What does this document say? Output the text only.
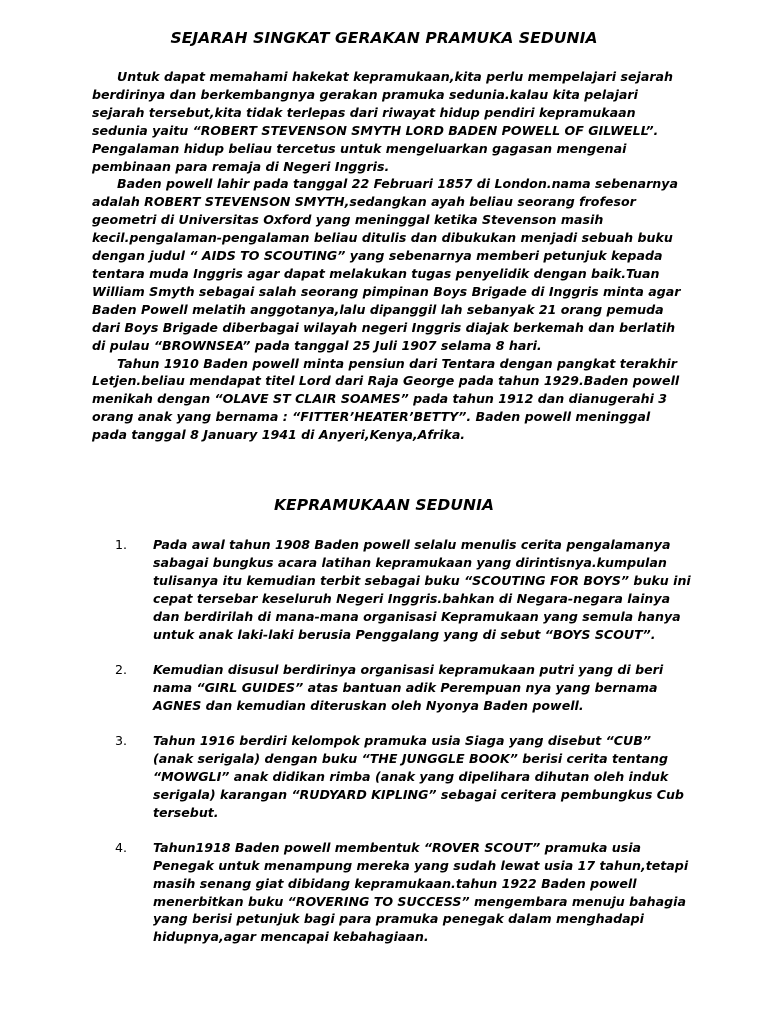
SEJARAH SINGKAT GERAKAN PRAMUKA SEDUNIA

Untuk dapat memahami hakekat kepramukaan,kita perlu mempelajari sejarah berdirinya dan berkembangnya gerakan pramuka sedunia.kalau kita pelajari sejarah tersebut,kita tidak terlepas dari riwayat hidup pendiri kepramukaan sedunia yaitu “ROBERT STEVENSON SMYTH LORD BADEN POWELL OF GILWELL”. Pengalaman hidup beliau tercetus untuk mengeluarkan gagasan mengenai pembinaan para remaja di Negeri Inggris.

Baden powell lahir pada tanggal 22 Februari 1857 di London.nama sebenarnya adalah ROBERT STEVENSON SMYTH,sedangkan ayah beliau seorang frofesor geometri di Universitas Oxford yang meninggal ketika Stevenson masih kecil.pengalaman-pengalaman beliau ditulis dan dibukukan menjadi sebuah buku dengan judul “ AIDS TO SCOUTING” yang sebenarnya memberi petunjuk kepada tentara muda Inggris agar dapat melakukan tugas penyelidik dengan baik.Tuan William Smyth sebagai salah seorang pimpinan Boys Brigade di Inggris minta agar Baden Powell melatih anggotanya,lalu dipanggil lah sebanyak 21 orang pemuda dari Boys Brigade diberbagai wilayah negeri Inggris diajak berkemah dan berlatih di pulau “BROWNSEA” pada tanggal 25 Juli 1907 selama 8 hari.

Tahun 1910 Baden powell minta pensiun dari Tentara dengan pangkat terakhir Letjen.beliau mendapat titel Lord dari Raja George pada tahun 1929.Baden powell menikah dengan “OLAVE ST CLAIR SOAMES” pada tahun 1912 dan dianugerahi 3 orang anak yang bernama : “FITTER’HEATER’BETTY”. Baden powell meninggal pada tanggal 8 January 1941 di Anyeri,Kenya,Afrika.

KEPRAMUKAAN SEDUNIA
1. Pada awal tahun 1908 Baden powell selalu menulis cerita pengalamanya sabagai bungkus acara latihan kepramukaan yang dirintisnya.kumpulan tulisanya itu kemudian terbit sebagai buku “SCOUTING FOR BOYS” buku ini cepat tersebar keseluruh Negeri Inggris.bahkan di Negara-negara lainya dan berdirilah di mana-mana organisasi Kepramukaan yang semula hanya untuk anak laki-laki berusia Penggalang yang di sebut “BOYS SCOUT”.
2. Kemudian disusul berdirinya organisasi kepramukaan putri yang di beri nama “GIRL GUIDES” atas bantuan adik Perempuan nya yang bernama AGNES dan kemudian diteruskan oleh Nyonya Baden powell.
3. Tahun 1916 berdiri kelompok pramuka usia Siaga yang disebut “CUB” (anak serigala) dengan buku “THE JUNGGLE BOOK” berisi cerita tentang “MOWGLI” anak didikan rimba (anak yang dipelihara dihutan oleh induk serigala) karangan “RUDYARD KIPLING” sebagai ceritera pembungkus Cub tersebut.
4. Tahun1918 Baden powell membentuk “ROVER SCOUT” pramuka usia Penegak untuk menampung mereka yang sudah lewat usia 17 tahun,tetapi masih senang giat dibidang kepramukaan.tahun 1922 Baden powell menerbitkan buku “ROVERING TO SUCCESS” mengembara menuju bahagia yang berisi petunjuk bagi para pramuka penegak dalam menghadapi hidupnya,agar mencapai kebahagiaan.
